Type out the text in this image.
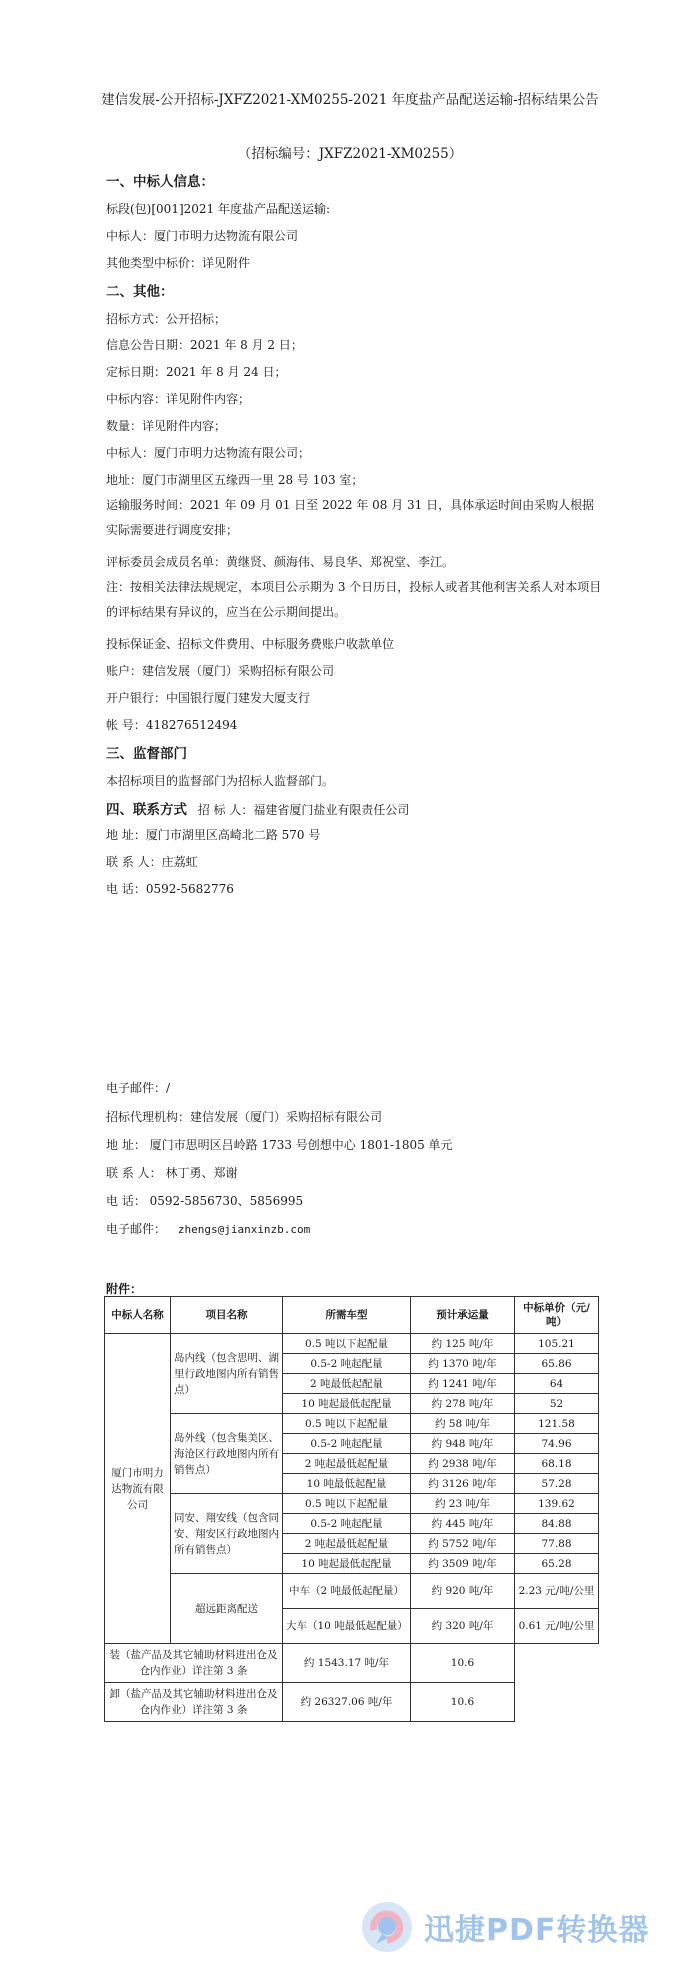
建信发展-公开招标-JXFZ2021-XM0255-2021 年度盐产品配送运输-招标结果公告
（招标编号：JXFZ2021-XM0255）
一、中标人信息：
标段(包)[001]2021 年度盐产品配送运输:
中标人：厦门市明力达物流有限公司
其他类型中标价：详见附件
二、其他：
招标方式：公开招标；
信息公告日期：2021 年 8 月 2 日；
定标日期：2021 年 8 月 24 日；
中标内容：详见附件内容；
数量：详见附件内容；
中标人：厦门市明力达物流有限公司；
地址：厦门市湖里区五缘西一里 28 号 103 室；
运输服务时间：2021 年 09 月 01 日至 2022 年 08 月 31 日，具体承运时间由采购人根据实际需要进行调度安排；
评标委员会成员名单：黄继贤、颜海伟、易良华、郑祝堂、李江。
注：按相关法律法规规定，本项目公示期为 3 个日历日，投标人或者其他利害关系人对本项目的评标结果有异议的，应当在公示期间提出。
投标保证金、招标文件费用、中标服务费账户收款单位
账户：建信发展（厦门）采购招标有限公司
开户银行：中国银行厦门建发大厦支行
帐 号：418276512494
三、监督部门
本招标项目的监督部门为招标人监督部门。
四、联系方式 招 标 人：福建省厦门盐业有限责任公司
地 址：厦门市湖里区高崎北二路 570 号
联 系 人：庄荔虹
电 话：0592-5682776
电子邮件：/
招标代理机构：建信发展（厦门）采购招标有限公司
地 址： 厦门市思明区吕岭路 1733 号创想中心 1801-1805 单元
联 系 人： 林丁勇、郑谢
电 话： 0592-5856730、5856995
电子邮件： zhengs@jianxinzb.com
附件：
中标人名称	项目名称	所需车型	预计承运量	中标单价（元/吨）
厦门市明力达物流有限公司	岛内线（包含思明、湖里行政地图内所有销售点）	0.5 吨以下起配量	约 125 吨/年	105.21
		0.5-2 吨起配量	约 1370 吨/年	65.86
		2 吨最低起配量	约 1241 吨/年	64
		10 吨起最低起配量	约 278 吨/年	52
	岛外线（包含集美区、海沧区行政地图内所有销售点）	0.5 吨以下起配量	约 58 吨/年	121.58
		0.5-2 吨起配量	约 948 吨/年	74.96
		2 吨起最低起配量	约 2938 吨/年	68.18
		10 吨最低起配量	约 3126 吨/年	57.28
	同安、翔安线（包含同安、翔安区行政地图内所有销售点）	0.5 吨以下起配量	约 23 吨/年	139.62
		0.5-2 吨起配量	约 445 吨/年	84.88
		2 吨起最低起配量	约 5752 吨/年	77.88
		10 吨起最低起配量	约 3509 吨/年	65.28
	超远距离配送	中车（2 吨最低起配量）	约 920 吨/年	2.23 元/吨/公里
		大车（10 吨最低起配量）	约 320 吨/年	0.61 元/吨/公里
装（盐产品及其它辅助材料进出仓及仓内作业）详注第 3 条		约 1543.17 吨/年	10.6	
卸（盐产品及其它辅助材料进出仓及仓内作业）详注第 3 条		约 26327.06 吨/年	10.6	
迅捷PDF转换器
